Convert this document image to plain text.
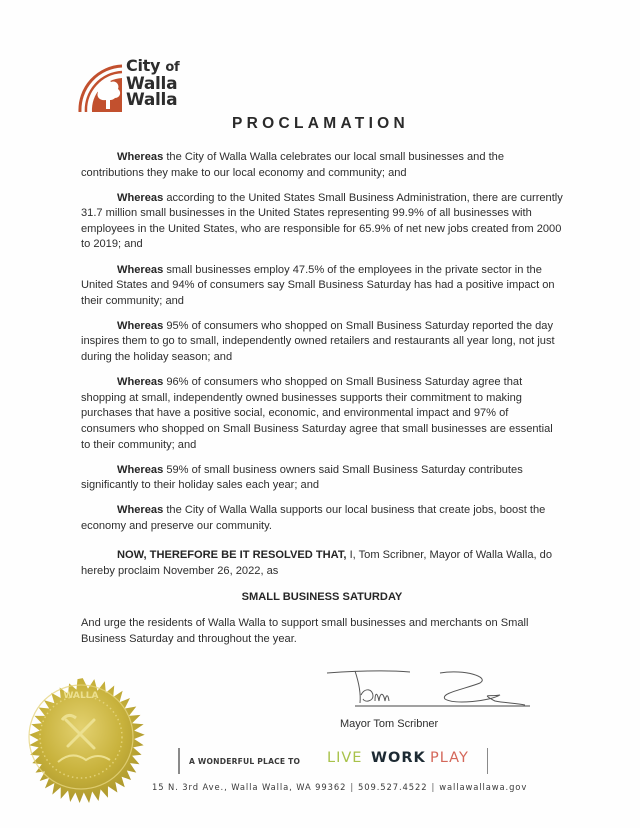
City of
Walla
Walla
PROCLAMATION

Whereas the City of Walla Walla celebrates our local small businesses and the contributions they make to our local economy and community; and

Whereas according to the United States Small Business Administration, there are currently 31.7 million small businesses in the United States representing 99.9% of all businesses with employees in the United States, who are responsible for 65.9% of net new jobs created from 2000 to 2019; and

Whereas small businesses employ 47.5% of the employees in the private sector in the United States and 94% of consumers say Small Business Saturday has had a positive impact on their community; and

Whereas 95% of consumers who shopped on Small Business Saturday reported the day inspires them to go to small, independently owned retailers and restaurants all year long, not just during the holiday season; and

Whereas 96% of consumers who shopped on Small Business Saturday agree that shopping at small, independently owned businesses supports their commitment to making purchases that have a positive social, economic, and environmental impact and 97% of consumers who shopped on Small Business Saturday agree that small businesses are essential to their community; and

Whereas 59% of small business owners said Small Business Saturday contributes significantly to their holiday sales each year; and

Whereas the City of Walla Walla supports our local business that create jobs, boost the economy and preserve our community.

NOW, THEREFORE BE IT RESOLVED THAT, I, Tom Scribner, Mayor of Walla Walla, do hereby proclaim November 26, 2022, as

SMALL BUSINESS SATURDAY

And urge the residents of Walla Walla to support small businesses and merchants on Small Business Saturday and throughout the year.

WALLA
Mayor Tom Scribner
A WONDERFUL PLACE TO LIVE WORK PLAY
15 N. 3rd Ave., Walla Walla, WA 99362 | 509.527.4522 | wallawallawa.gov
